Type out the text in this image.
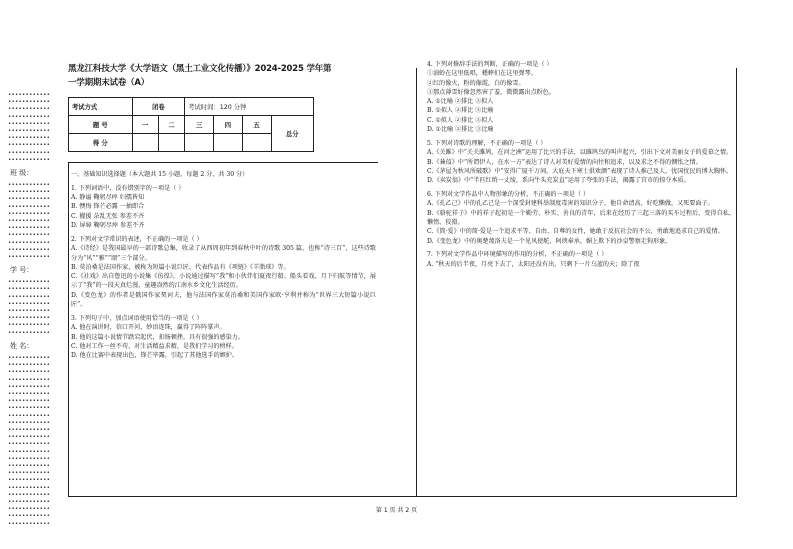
••••••••••••
••••••••••••
••••••••••••
••••••••••••
••••••••••••
••••••••••••
••••••••••••
••••••••••••
••••••••••••
••••••••••••
班 级：
••••••••••••
••••••••••••
••••••••••••
••••••••••••
••••••••••••
••••••••••••
••••••••••••
••••••••••••
••••••••••••
••••••••••••
••••••••••••
学 号：
••••••••••••
••••••••••••
••••••••••••
••••••••••••
••••••••••••
••••••••••••
••••••••••••
••••••••••••
姓 名：
••••••••••••
••••••••••••
••••••••••••
••••••••••••
••••••••••••
••••••••••••
••••••••••••
••••••••••••
••••••••••••
••••••••••••
••••••••••••
••••••••••••
••••••••••••
••••••••••••
••••••••••••
••••••••••••
••••••••••••
••••••••••••
••••••••••••
••••••••••••
••••••••••••
••••••••••••
••••••••••••
••••••••••••
黑龙江科技大学《大学语文（黑土工业文化传播）》2024-2025 学年第
一学期期末试卷（A）
考试方式	闭卷		考试时间：120 分钟			
题 号	一	二	三	四	五	总分
得 分						
一、基础知识选择题（本大题共 15 小题，每题 2 分，共 30 分）
1. 下列词语中，没有错别字的一项是（ ）
A. 静谧 鞠躬尽瘁 妇孺皆知
B. 懊悔 锋芒必露 一抽即合
C. 擢援 杂乱无张 参差不齐
D. 屏嫜 鞠躬尽瘁 参差不齐
2. 下列对文学常识的表述，不正确的一项是（ ）
A.《诗经》是我国最早的一部诗歌总集，收录了从西周初年到春秋中叶的诗歌 305 篇，也称“诗三百”，这些诗歌分为“风”“雅”“颂”三个部分。
B. 莫泊桑是法国作家，被称为短篇小说巨匠，代表作品有《项链》《羊脂球》等。
C.《社戏》出自鲁迅的小说集《彷徨》，小说通过描写“我”和小伙伴们夏夜行船、船头看戏、月下归航等情节，展示了“我”的一段天真烂漫、童趣盎然的江南水乡文化生活经历。
D.《变色龙》的作者是俄国作家契诃夫，他与法国作家莫泊桑和美国作家欧·亨利并称为“世界三大短篇小说巨匠”。
3. 下列句子中，加点词语使用恰当的一项是（ ）
A. 他在演讲时，信口开河，妙语连珠，赢得了阵阵掌声。
B. 他的这篇小说情节跌宕起伏，扣扬顿挫，具有很强的感染力。
C. 他对工作一丝不苟，对生活精益求精，是我们学习的榜样。
D. 他在比赛中表现出色，锋芒毕露，引起了其他选手的嫉妒。
4. 下列对修辞手法的判断，正确的一项是（ ）
①油蛉在这里低唱，蟋蟀们在这里弹琴。
②红的像火，粉的像霞，白的像雪。
③那点薄雪好像忽然害了羞，微微露出点粉色。
A. ①比喻 ②排比 ③拟人
B. ①拟人 ②排比 ③比喻
C. ①拟人 ②排比 ③拟人
D. ①比喻 ②排比 ③比喻
5. 下列对诗歌的理解，不正确的一项是（ ）
A.《关雎》中“关关雎鸠，在河之洲”运用了比兴的手法，以雎鸠鸟的叫声起兴，引出下文对美丽女子的爱慕之情。
B.《蒹葭》中“所谓伊人，在水一方”表达了诗人对美好爱情的向往和追求，以及求之不得的惆怅之情。
C.《茅屋为秋风所破歌》中“安得广厦千万间，大庇天下寒士俱欢颜”表现了诗人推己及人、忧国忧民的博大胸怀。
D.《卖炭翁》中“半匹红绡一丈绫，系向牛头充炭直”运用了夸张的手法，揭露了宫市的掠夺本质。
6. 下列对文学作品中人物形象的分析，不正确的一项是（ ）
A.《孔乙己》中的孔乙己是一个深受封建科举制度毒害的知识分子，他自命清高、好吃懒做，又死要面子。
B.《骆驼祥子》中的祥子起初是一个勤劳、朴实、善良的青年，后来在经历了三起三落的买车过程后，变得自私、懒惰、狡猾。
C.《简·爱》中的简·爱是一个追求平等、自由、自尊的女性，她敢于反抗社会的不公，勇敢地追求自己的爱情。
D.《变色龙》中的奥楚蔑洛夫是一个见风使舵、阿谀奉承、媚上欺下的沙皇警察走狗形象。
7. 下列对文学作品中环境描写的作用的分析，不正确的一项是（ ）
A. “秋天的后半夜，月亮下去了，太阳还没有出，只剩下一片乌蓝的天；除了夜
第 1 页 共 2 页
